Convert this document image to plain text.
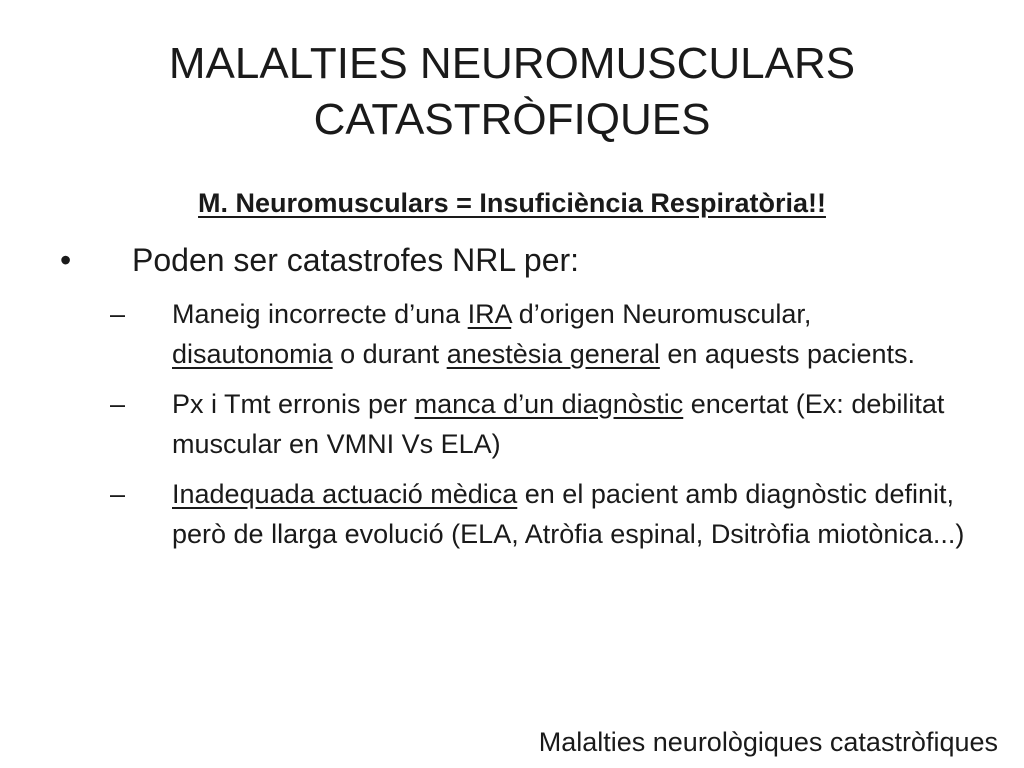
MALALTIES NEUROMUSCULARS
CATASTRÒFIQUES
M. Neuromusculars = Insuficiència Respiratòria!!
•	Poden ser catastrofes NRL per:
–	Maneig incorrecte d’una IRA d’origen Neuromuscular, disautonomia o durant anestèsia general en aquests pacients.
–	Px i Tmt erronis per manca d’un diagnòstic encertat (Ex: debilitat muscular en VMNI Vs ELA)
–	Inadequada actuació mèdica en el pacient amb diagnòstic definit, però de llarga evolució (ELA, Atròfia espinal, Dsitròfia miotònica...)
Malalties neurològiques catastròfiques
